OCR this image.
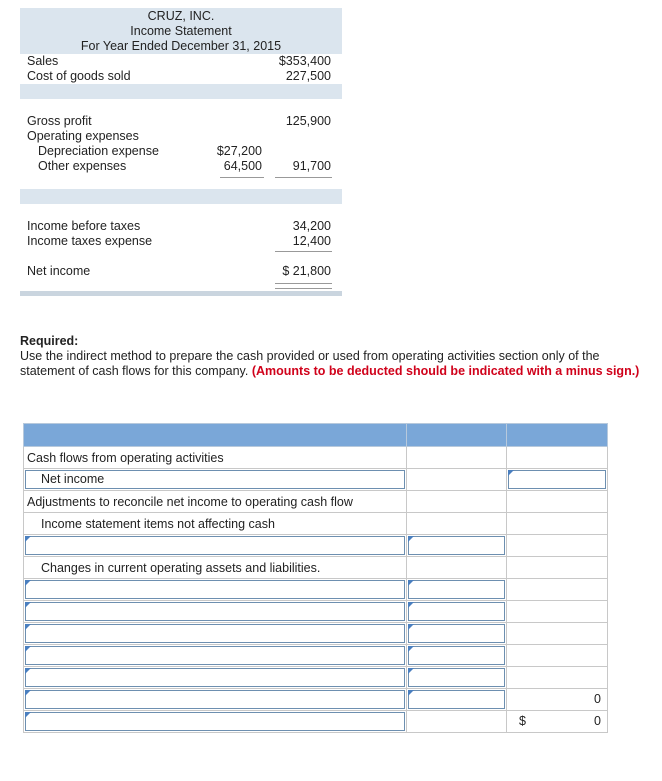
CRUZ, INC.
Income Statement
For Year Ended December 31, 2015
Sales	$353,400
Cost of goods sold	227,500
Gross profit	125,900
Operating expenses
Depreciation expense	$27,200
Other expenses	64,500 91,700
Income before taxes	34,200
Income taxes expense	12,400
Net income	$ 21,800
Required:
Use the indirect method to prepare the cash provided or used from operating activities section only of the statement of cash flows for this company. (Amounts to be deducted should be indicated with a minus sign.)

Cash flows from operating activities		

Net income		

Adjustments to reconcile net income to operating cash flow		
Income statement items not affecting cash		

Changes in current operating assets and liabilities.		

		0

		$ 0
